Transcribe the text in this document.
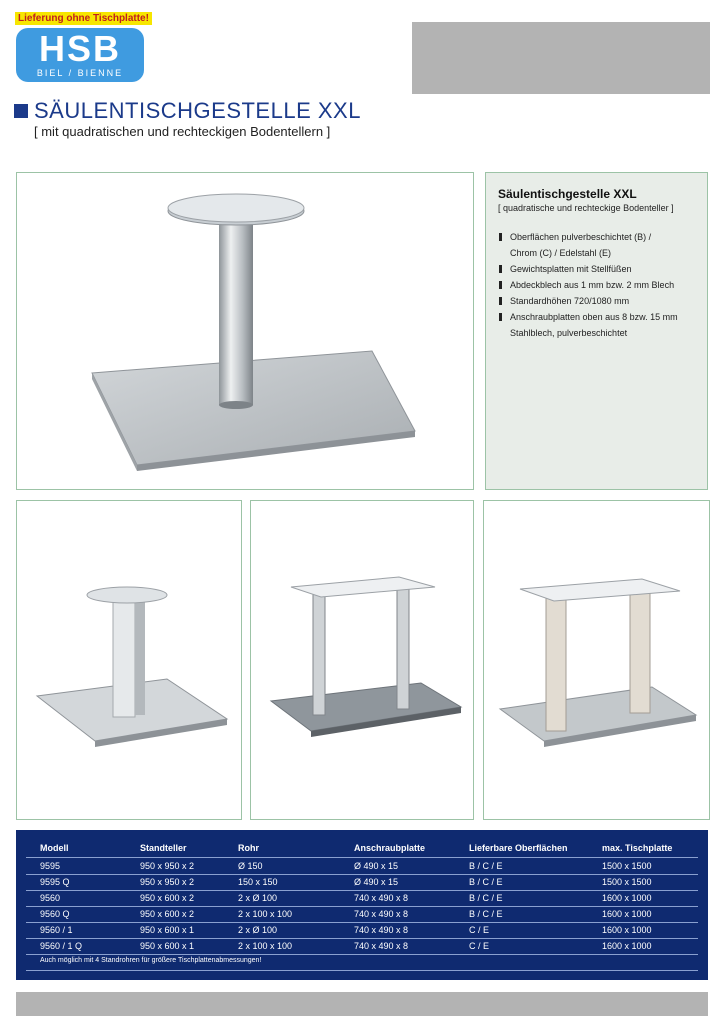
Lieferung ohne Tischplatte!
HSB
BIEL / BIENNE
SÄULENTISCHGESTELLE XXL
[ mit quadratischen und rechteckigen Bodentellern ]
Säulentischgestelle XXL
[ quadratische und rechteckige Bodenteller ]
Oberflächen pulverbeschichtet (B) /
Chrom (C) / Edelstahl (E)
Gewichtsplatten mit Stellfüßen
Abdeckblech aus 1 mm bzw. 2 mm Blech
Standardhöhen 720/1080 mm
Anschraubplatten oben aus 8 bzw. 15 mm
Stahlblech, pulverbeschichtet
Modell	Standteller	Rohr	Anschraubplatte	Lieferbare Oberflächen	max. Tischplatte
9595	950 x 950 x 2	Ø 150	Ø 490 x 15	B / C / E	1500 x 1500
9595 Q	950 x 950 x 2	150 x 150	Ø 490 x 15	B / C / E	1500 x 1500
9560	950 x 600 x 2	2 x Ø 100	740 x 490 x 8	B / C / E	1600 x 1000
9560 Q	950 x 600 x 2	2 x 100 x 100	740 x 490 x 8	B / C / E	1600 x 1000
9560 / 1	950 x 600 x 1	2 x Ø 100	740 x 490 x 8	C / E	1600 x 1000
9560 / 1 Q	950 x 600 x 1	2 x 100 x 100	740 x 490 x 8	C / E	1600 x 1000
Auch möglich mit 4 Standrohren für größere Tischplattenabmessungen!
